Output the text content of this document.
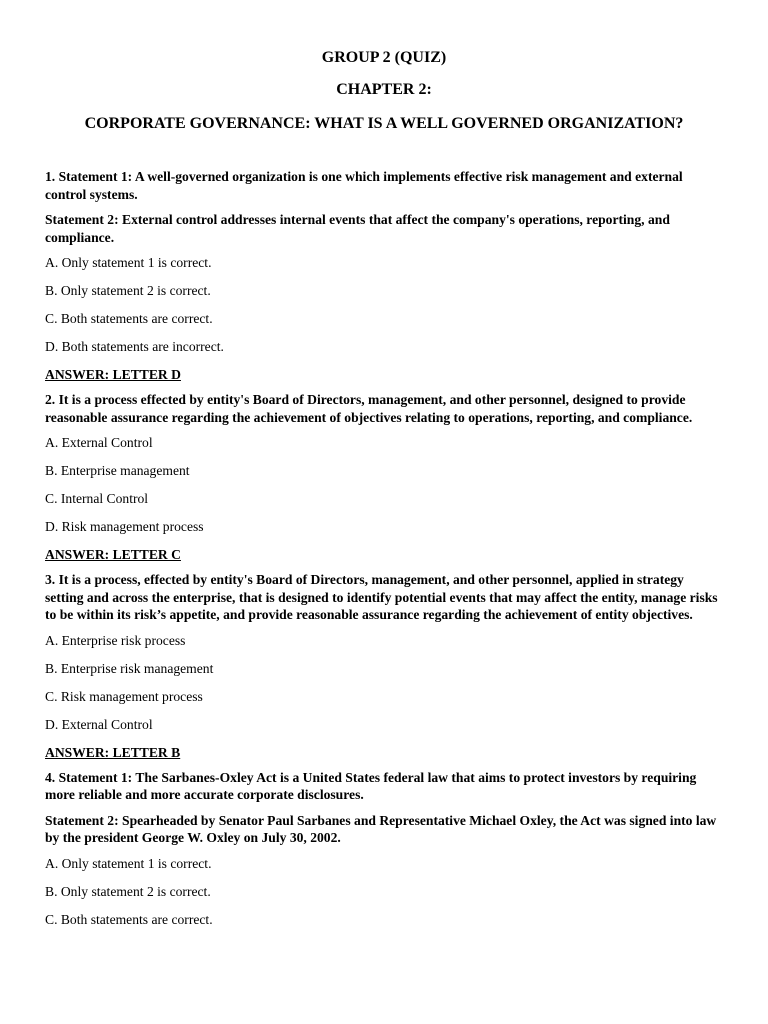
GROUP 2 (QUIZ)

CHAPTER 2:

CORPORATE GOVERNANCE: WHAT IS A WELL GOVERNED ORGANIZATION?

1. Statement 1: A well-governed organization is one which implements effective risk management and external control systems.

Statement 2: External control addresses internal events that affect the company's operations, reporting, and compliance.

A. Only statement 1 is correct.

B. Only statement 2 is correct.

C. Both statements are correct.

D. Both statements are incorrect.

ANSWER: LETTER D

2. It is a process effected by entity's Board of Directors, management, and other personnel, designed to provide reasonable assurance regarding the achievement of objectives relating to operations, reporting, and compliance.

A. External Control

B. Enterprise management

C. Internal Control

D. Risk management process

ANSWER: LETTER C

3. It is a process, effected by entity's Board of Directors, management, and other personnel, applied in strategy setting and across the enterprise, that is designed to identify potential events that may affect the entity, manage risks to be within its risk’s appetite, and provide reasonable assurance regarding the achievement of entity objectives.

A. Enterprise risk process

B. Enterprise risk management

C. Risk management process

D. External Control

ANSWER: LETTER B

4. Statement 1: The Sarbanes-Oxley Act is a United States federal law that aims to protect investors by requiring more reliable and more accurate corporate disclosures.

Statement 2: Spearheaded by Senator Paul Sarbanes and Representative Michael Oxley, the Act was signed into law by the president George W. Oxley on July 30, 2002.

A. Only statement 1 is correct.

B. Only statement 2 is correct.

C. Both statements are correct.
